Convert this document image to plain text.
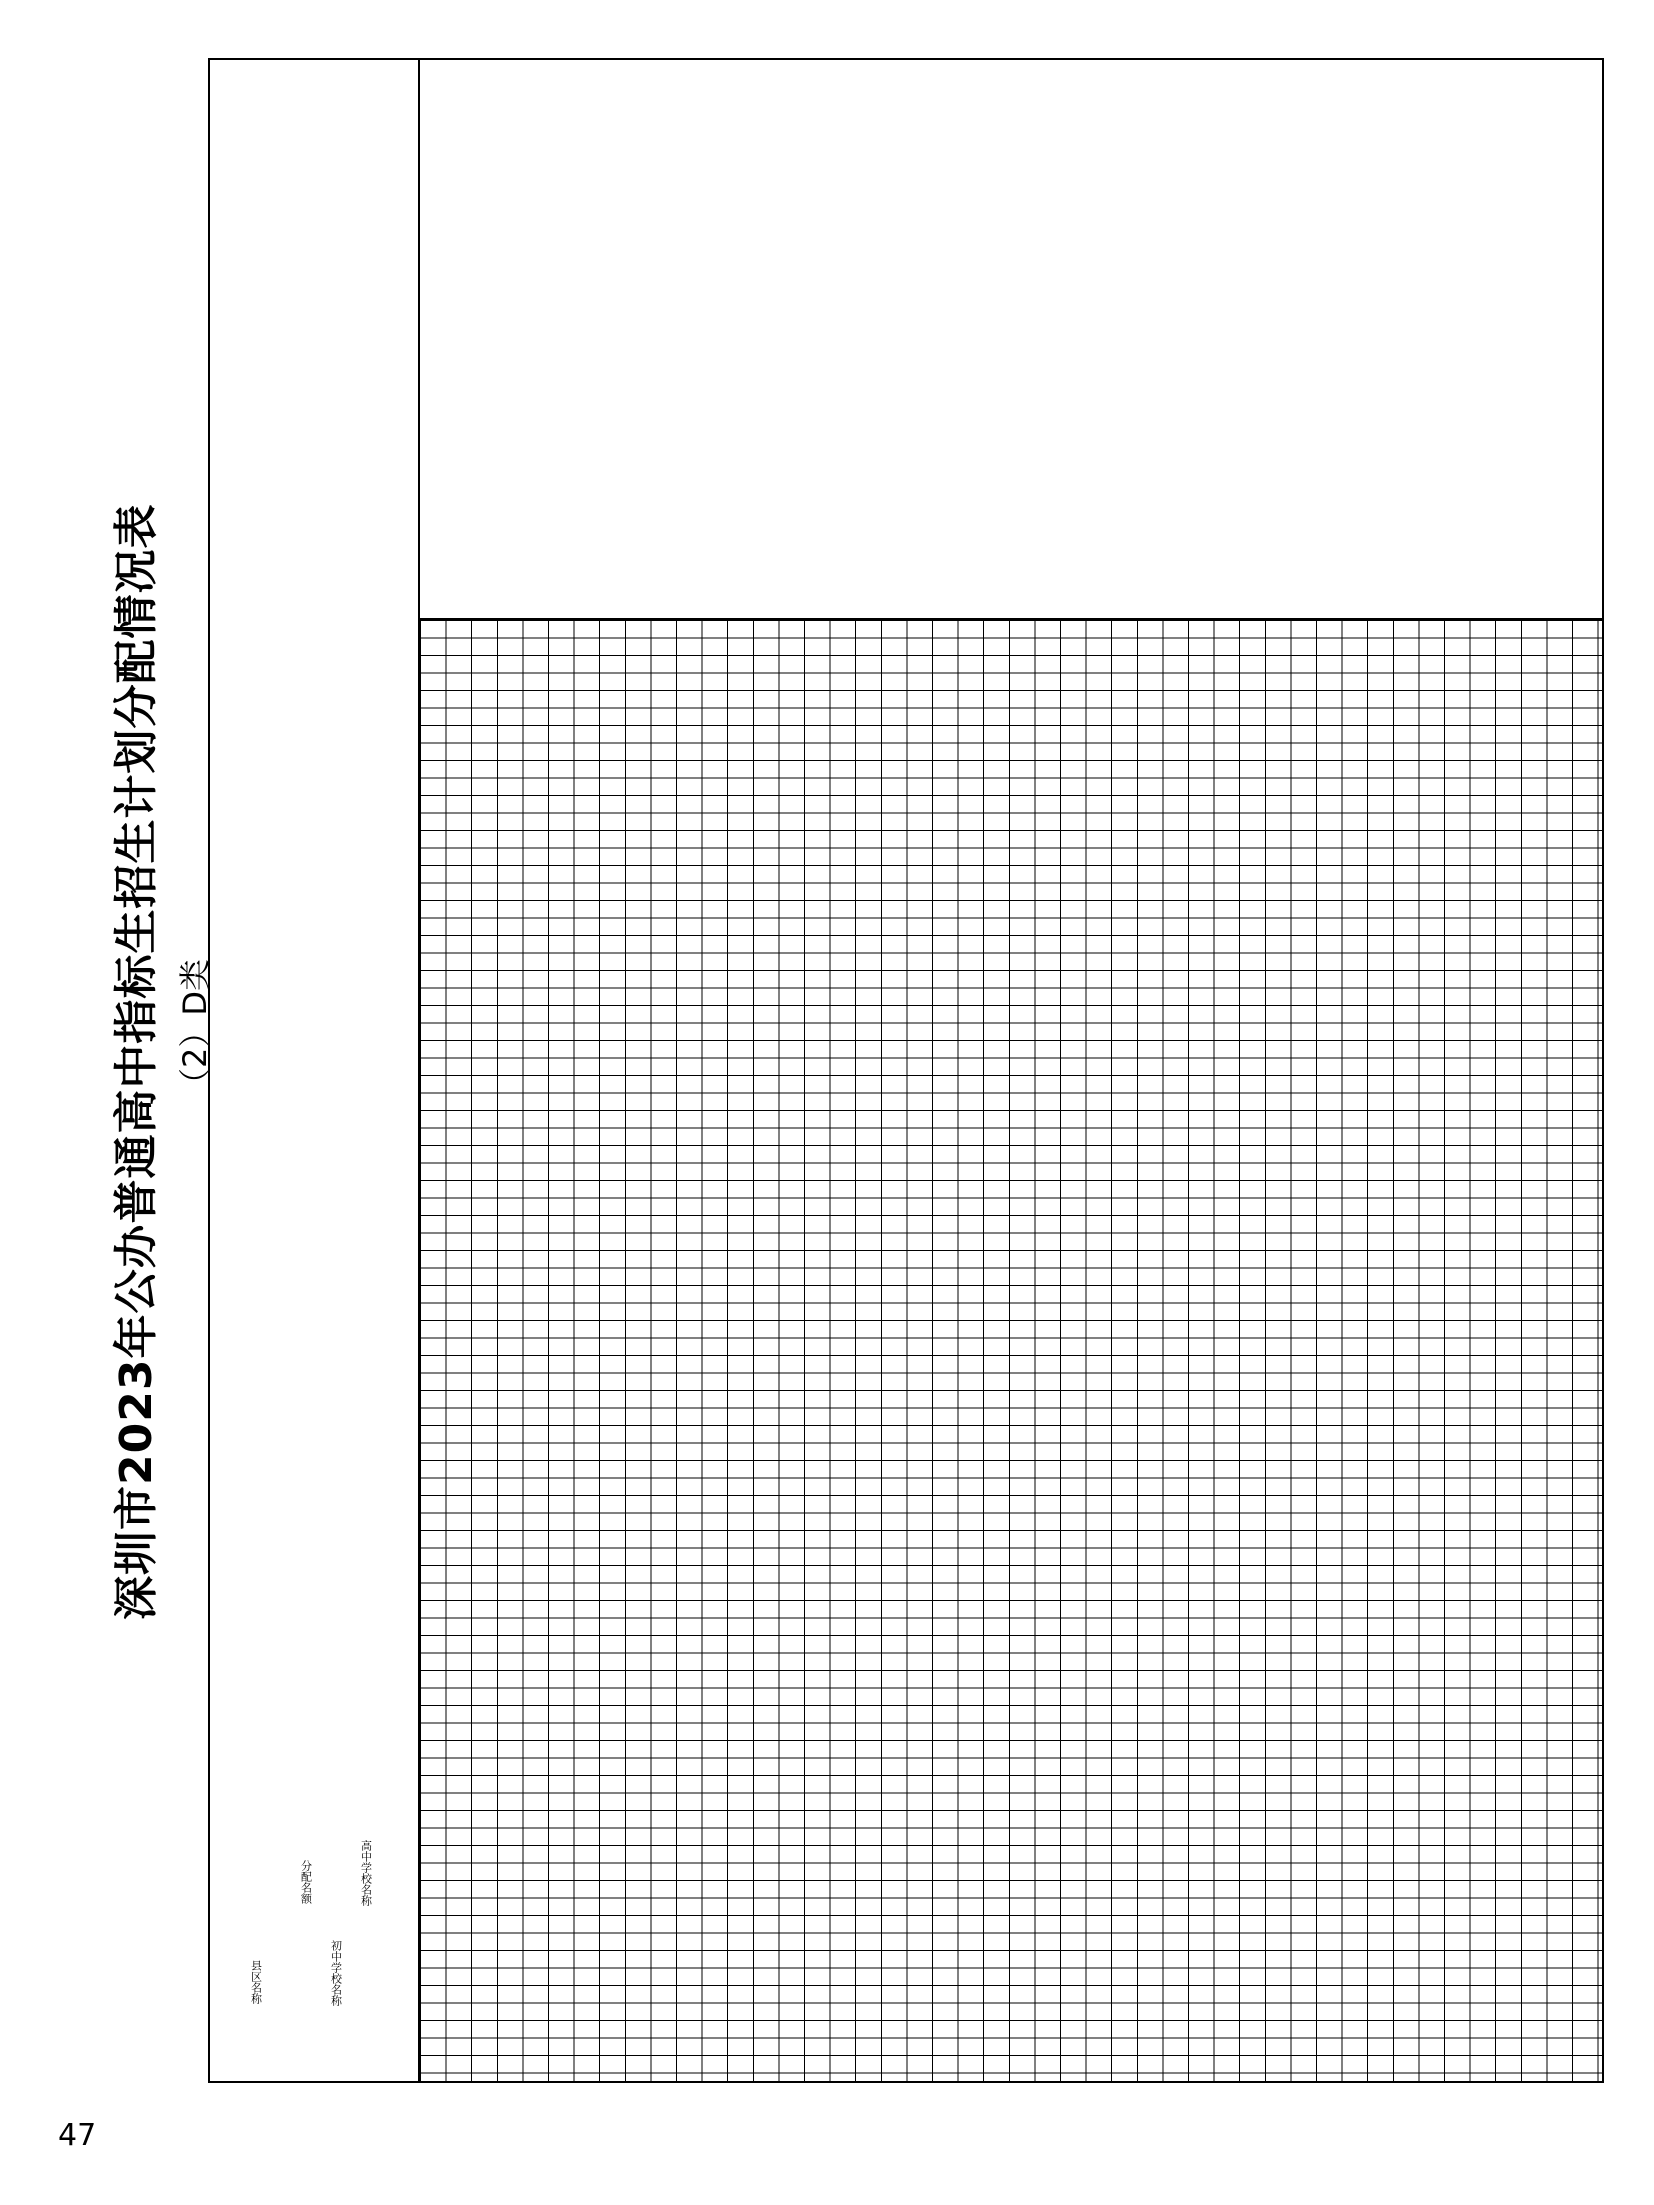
47
深圳市2023年公办普通高中指标生招生计划分配情况表 （2）D类
县区名称
分配名额	高中学校名称
初中学校名称
